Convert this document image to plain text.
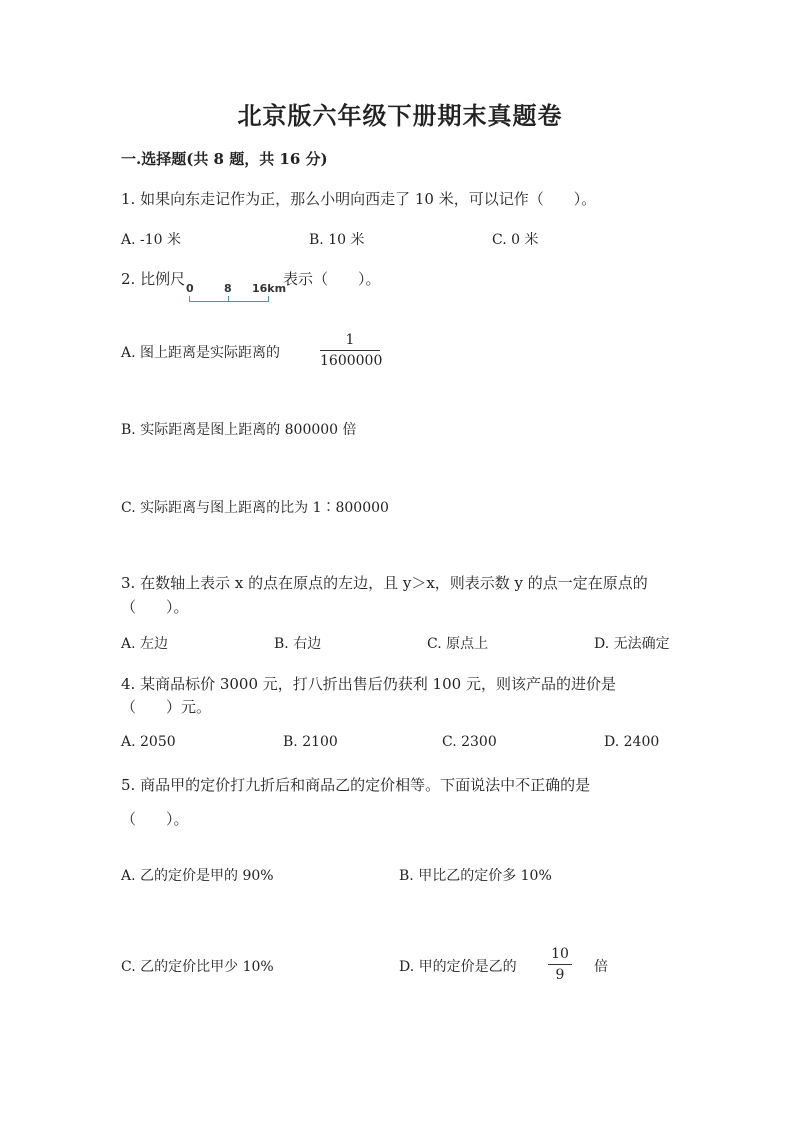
北京版六年级下册期末真题卷
一.选择题(共 8 题，共 16 分)
1. 如果向东走记作为正，那么小明向西走了 10 米，可以记作（　　）。
A. -10 米	B. 10 米	C. 0 米
2. 比例尺
0	8 16km
表示（　　）。
A. 图上距离是实际距离的
1
1600000
B. 实际距离是图上距离的 800000 倍
C. 实际距离与图上距离的比为 1∶800000
3. 在数轴上表示 x 的点在原点的左边，且 y＞x，则表示数 y 的点一定在原点的
（　　）。
A. 左边	B. 右边	C. 原点上	D. 无法确定
4. 某商品标价 3000 元，打八折出售后仍获利 100 元，则该产品的进价是
（　　）元。
A. 2050	B. 2100	C. 2300	D. 2400
5. 商品甲的定价打九折后和商品乙的定价相等。下面说法中不正确的是
（　　）。
A. 乙的定价是甲的 90%	B. 甲比乙的定价多 10%
C. 乙的定价比甲少 10%	D. 甲的定价是乙的
10
9	倍
